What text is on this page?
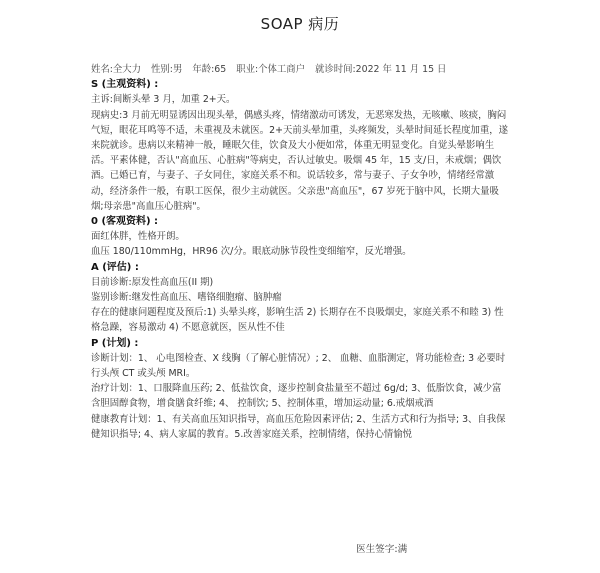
SOAP 病历
姓名:全大力 性别:男 年龄:65 职业:个体工商户 就诊时间:2022 年 11 月 15 日
S (主观资料) :
主诉:间断头晕 3 月，加重 2+天。
现病史:3 月前无明显诱因出现头晕，偶感头疼，情绪激动可诱发，无恶寒发热，无咳嗽、咳痰，胸闷气短，眼花耳鸣等不适，未重视及未就医。2+天前头晕加重，头疼频发，头晕时间延长程度加重，遂来院就诊。患病以来精神一般，睡眠欠佳，饮食及大小便如常，体重无明显变化。自觉头晕影响生活。平素体健，否认"高血压、心脏病"等病史，否认过敏史。吸烟 45 年，15 支/日，未戒烟；偶饮酒。已婚已育，与妻子、子女同住，家庭关系不和。说话较多，常与妻子、子女争吵，情绪经常激动，经济条件一般，有职工医保，很少主动就医。父亲患"高血压"，67 岁死于脑中风，长期大量吸烟;母亲患"高血压心脏病"。
0 (客观资料) :
面红体胖，性格开朗。
血压 180/110mmHg，HR96 次/分。眼底动脉节段性变细缩窄，反光增强。
A (评估) :
目前诊断:原发性高血压(II 期)
鉴别诊断:继发性高血压、嗜铬细胞瘤、脑肿瘤
存在的健康问题程度及预后:1) 头晕头疼，影响生活 2) 长期存在不良吸烟史，家庭关系不和睦 3) 性格急躁，容易激动 4) 不愿意就医，医从性不佳
P (计划) :
诊断计划：1、 心电图检查、X 线胸（了解心脏情况）; 2、 血糖、血脂测定，肾功能检查; 3 必要时行头颅 CT 或头颅 MRI。
治疗计划：1、口服降血压药; 2、低盐饮食，逐步控制食盐量至不超过 6g/d; 3、低脂饮食，减少富含胆固醇食物，增食膳食纤维; 4、 控制饮; 5、控制体重，增加运动量; 6.戒烟戒酒
健康教育计划：1、有关高血压知识指导，高血压危险因素评估; 2、生活方式和行为指导; 3、自我保健知识指导; 4、病人家属的教育。5.改善家庭关系，控制情绪，保持心情愉悦
医生签字:满
